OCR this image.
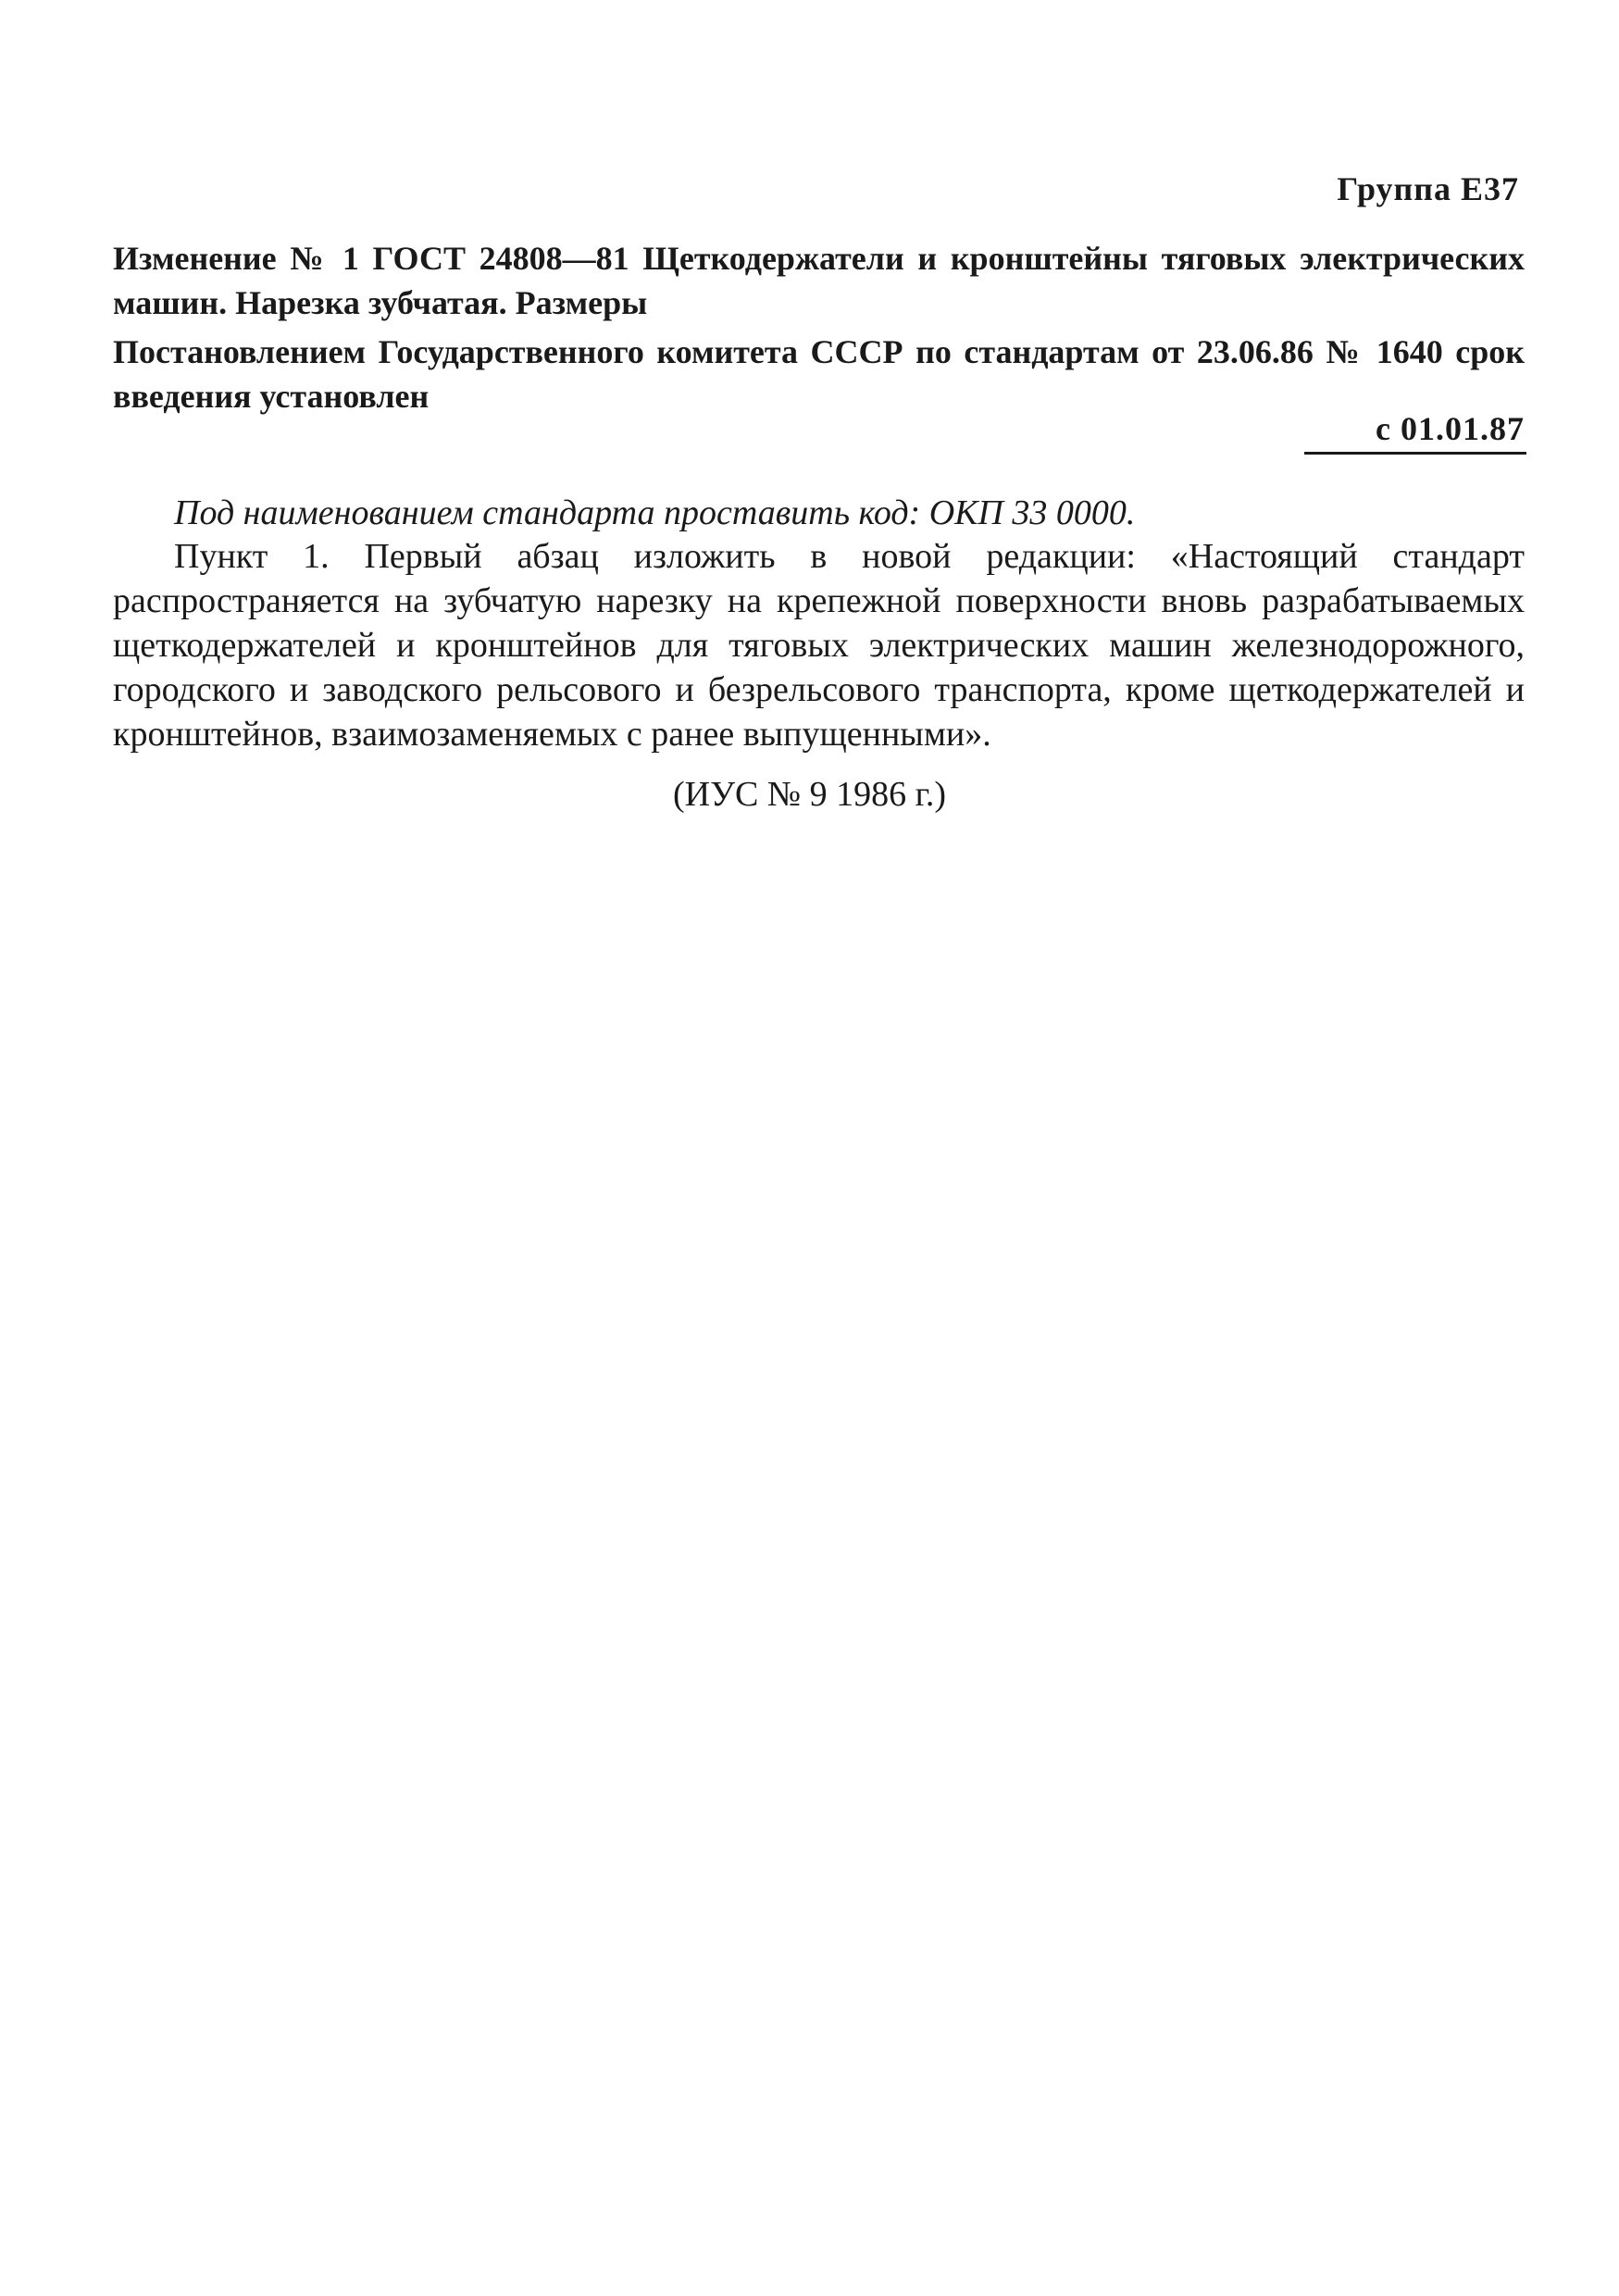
Группа Е37
Изменение № 1 ГОСТ 24808—81 Щеткодержатели и кронштейны тяговых электрических машин. Нарезка зубчатая. Размеры
Постановлением Государственного комитета СССР по стандартам от 23.06.86 № 1640 срок введения установлен
с 01.01.87
Под наименованием стандарта проставить код: ОКП 33 0000.
Пункт 1. Первый абзац изложить в новой редакции: «Настоящий стандарт распространяется на зубчатую нарезку на крепежной поверхности вновь разрабатываемых щеткодержателей и кронштейнов для тяговых электрических машин железнодорожного, городского и заводского рельсового и безрельсового транспорта, кроме щеткодержателей и кронштейнов, взаимозаменяемых с ранее выпущенными».
(ИУС № 9 1986 г.)
